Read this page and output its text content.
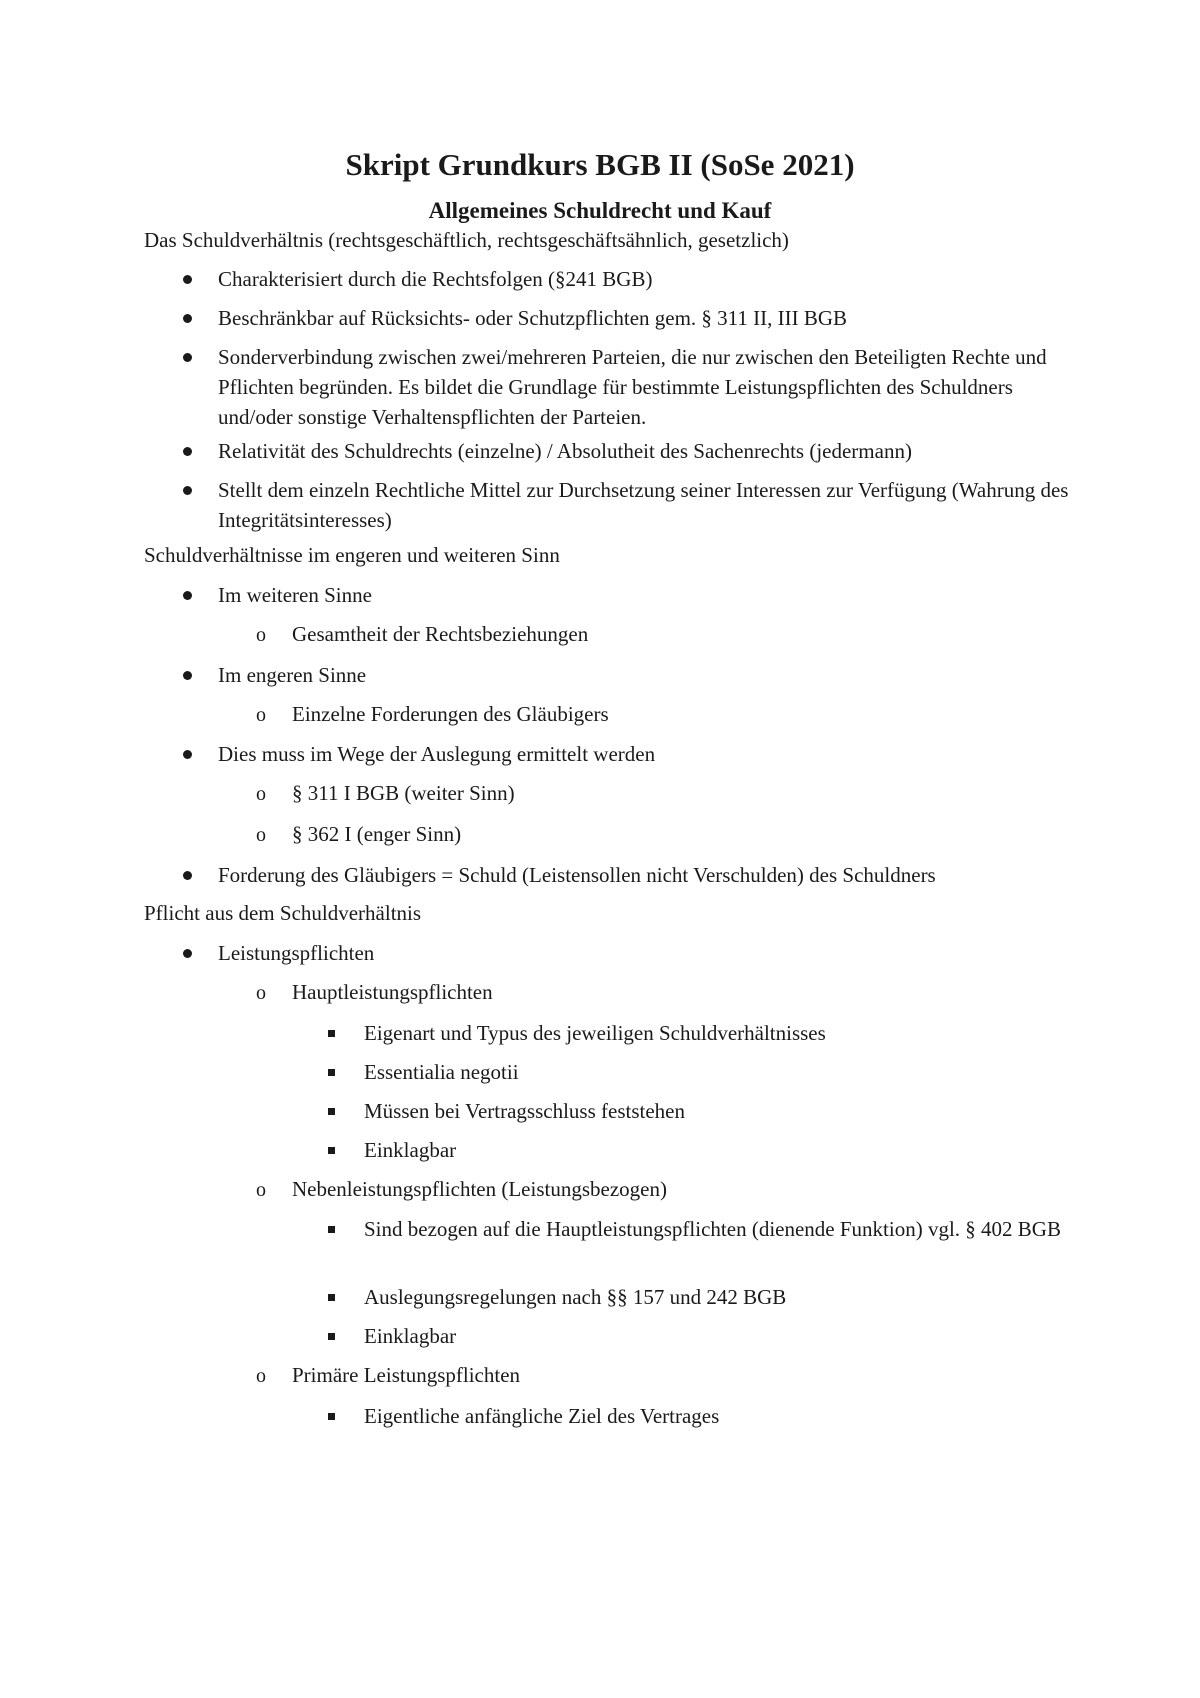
Skript Grundkurs BGB II (SoSe 2021)
Allgemeines Schuldrecht und Kauf
Das Schuldverhältnis (rechtsgeschäftlich, rechtsgeschäftsähnlich, gesetzlich)
Charakterisiert durch die Rechtsfolgen (§241 BGB)
Beschränkbar auf Rücksichts- oder Schutzpflichten gem. § 311 II, III BGB
Sonderverbindung zwischen zwei/mehreren Parteien, die nur zwischen den Beteiligten Rechte und Pflichten begründen. Es bildet die Grundlage für bestimmte Leistungspflichten des Schuldners und/oder sonstige Verhaltenspflichten der Parteien.
Relativität des Schuldrechts (einzelne) / Absolutheit des Sachenrechts (jedermann)
Stellt dem einzeln Rechtliche Mittel zur Durchsetzung seiner Interessen zur Verfügung (Wahrung des Integritätsinteresses)
Schuldverhältnisse im engeren und weiteren Sinn
Im weiteren Sinne
o Gesamtheit der Rechtsbeziehungen
Im engeren Sinne
o Einzelne Forderungen des Gläubigers
Dies muss im Wege der Auslegung ermittelt werden
o § 311 I BGB (weiter Sinn)
o § 362 I (enger Sinn)
Forderung des Gläubigers = Schuld (Leistensollen nicht Verschulden) des Schuldners
Pflicht aus dem Schuldverhältnis
Leistungspflichten
o Hauptleistungspflichten
Eigenart und Typus des jeweiligen Schuldverhältnisses
Essentialia negotii
Müssen bei Vertragsschluss feststehen
Einklagbar
o Nebenleistungspflichten (Leistungsbezogen)
Sind bezogen auf die Hauptleistungspflichten (dienende Funktion) vgl. § 402 BGB
Auslegungsregelungen nach §§ 157 und 242 BGB
Einklagbar
o Primäre Leistungspflichten
Eigentliche anfängliche Ziel des Vertrages
